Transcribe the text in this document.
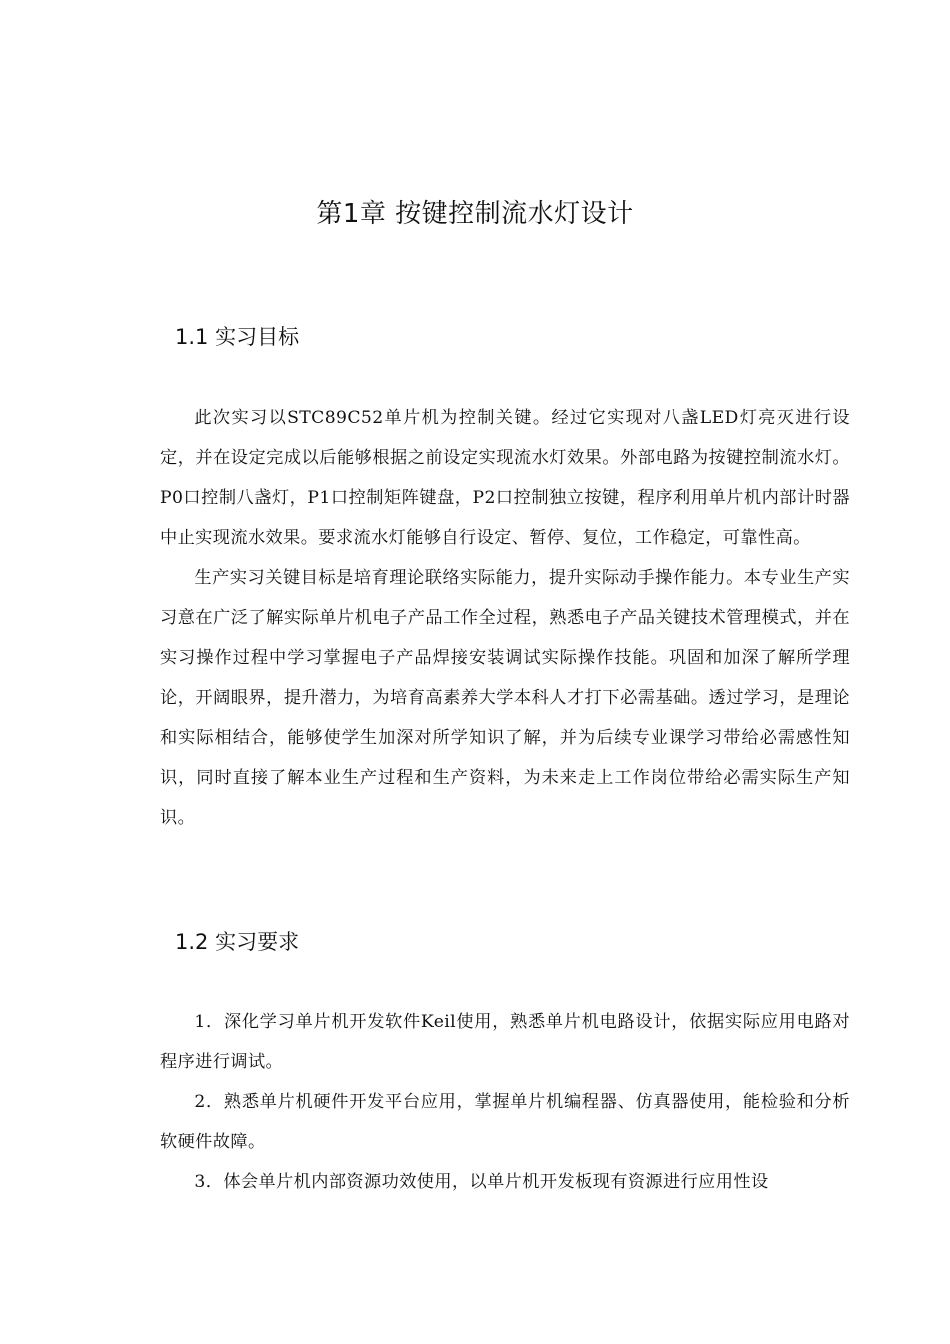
第1章 按键控制流水灯设计
1.1 实习目标

此次实习以STC89C52单片机为控制关键。经过它实现对八盏LED灯亮灭进行设定，并在设定完成以后能够根据之前设定实现流水灯效果。外部电路为按键控制流水灯。P0口控制八盏灯，P1口控制矩阵键盘，P2口控制独立按键，程序利用单片机内部计时器中止实现流水效果。要求流水灯能够自行设定、暂停、复位，工作稳定，可靠性高。

生产实习关键目标是培育理论联络实际能力，提升实际动手操作能力。本专业生产实习意在广泛了解实际单片机电子产品工作全过程，熟悉电子产品关键技术管理模式，并在实习操作过程中学习掌握电子产品焊接安装调试实际操作技能。巩固和加深了解所学理论，开阔眼界，提升潜力，为培育高素养大学本科人才打下必需基础。透过学习，是理论和实际相结合，能够使学生加深对所学知识了解，并为后续专业课学习带给必需感性知识，同时直接了解本业生产过程和生产资料，为未来走上工作岗位带给必需实际生产知识。

1.2 实习要求

1．深化学习单片机开发软件Keil使用，熟悉单片机电路设计，依据实际应用电路对程序进行调试。

2．熟悉单片机硬件开发平台应用，掌握单片机编程器、仿真器使用，能检验和分析软硬件故障。

3．体会单片机内部资源功效使用，以单片机开发板现有资源进行应用性设
